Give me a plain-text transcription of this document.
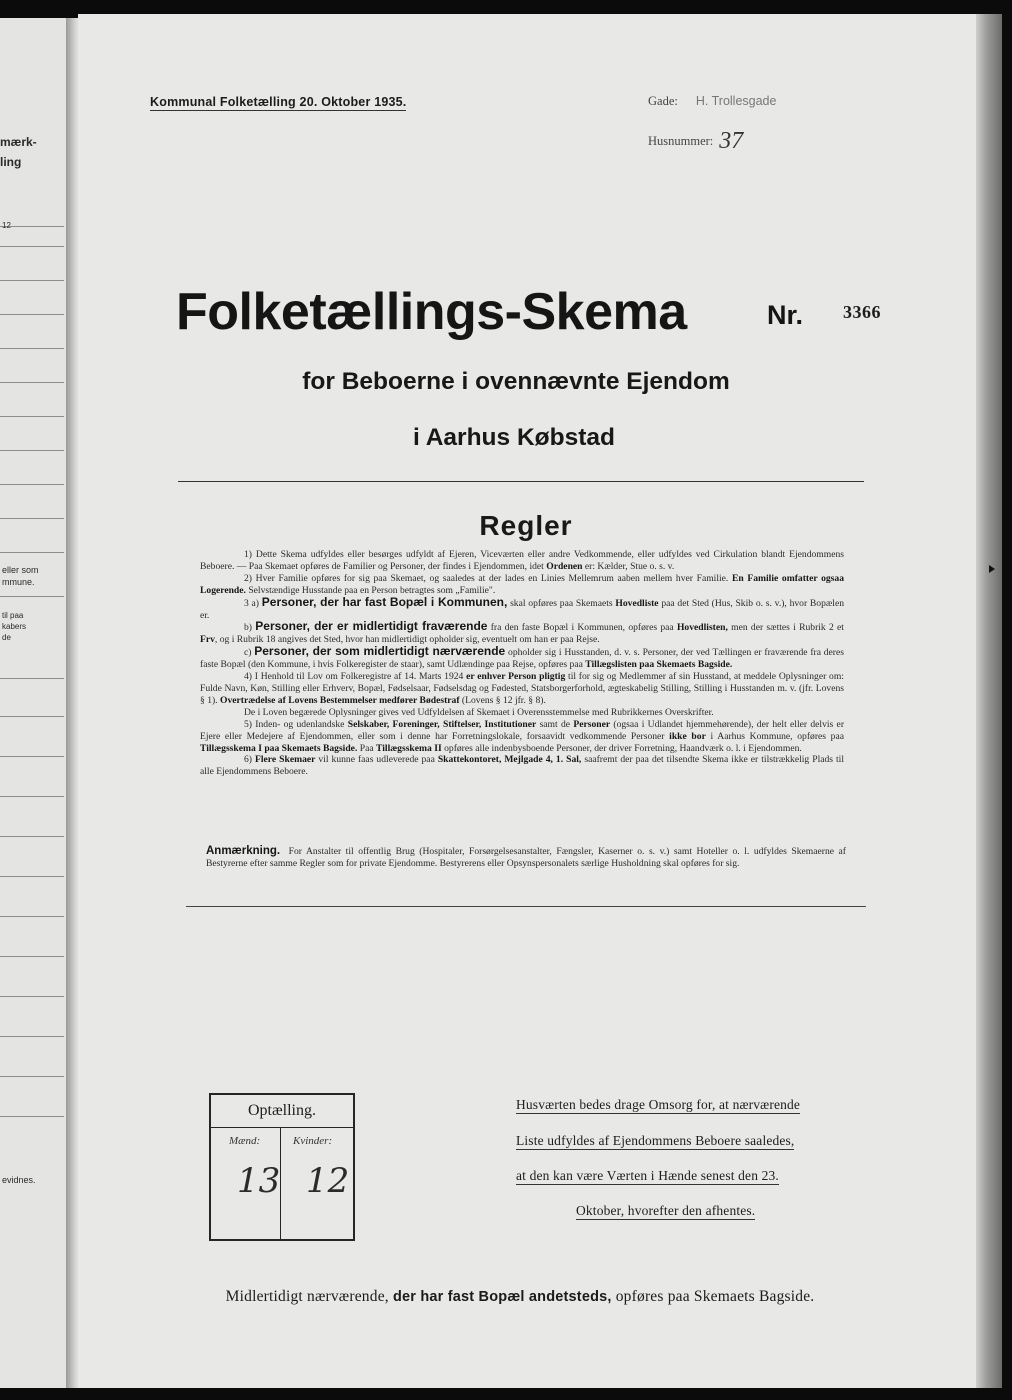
mærk-
ling
12
eller som
mmune.
til paa
kabers
de
evidnes.
Kommunal Folketælling 20. Oktober 1935.	Gade: H. Trollesgade
Husnummer: 37
Folketællings-Skema	Nr. 3366
for Beboerne i ovennævnte Ejendom
i Aarhus Købstad
Regler

1) Dette Skema udfyldes eller besørges udfyldt af Ejeren, Viceværten eller andre Vedkommende, eller udfyldes ved Cirkulation blandt Ejendommens Beboere. — Paa Skemaet opføres de Familier og Personer, der findes i Ejendommen, idet Ordenen er: Kælder, Stue o. s. v.

2) Hver Familie opføres for sig paa Skemaet, og saaledes at der lades en Linies Mellemrum aaben mellem hver Familie. En Familie omfatter ogsaa Logerende. Selvstændige Husstande paa en Person betragtes som „Familie".

3 a) Personer, der har fast Bopæl i Kommunen, skal opføres paa Skemaets Hovedliste paa det Sted (Hus, Skib o. s. v.), hvor Bopælen er.

b) Personer, der er midlertidigt fraværende fra den faste Bopæl i Kommunen, opføres paa Hovedlisten, men der sættes i Rubrik 2 et Frv, og i Rubrik 18 angives det Sted, hvor han midlertidigt opholder sig, eventuelt om han er paa Rejse.

c) Personer, der som midlertidigt nærværende opholder sig i Husstanden, d. v. s. Personer, der ved Tællingen er fraværende fra deres faste Bopæl (den Kommune, i hvis Folkeregister de staar), samt Udlændinge paa Rejse, opføres paa Tillægslisten paa Skemaets Bagside.

4) I Henhold til Lov om Folkeregistre af 14. Marts 1924 er enhver Person pligtig til for sig og Medlemmer af sin Husstand, at meddele Oplysninger om: Fulde Navn, Køn, Stilling eller Erhverv, Bopæl, Fødselsaar, Fødselsdag og Fødested, Statsborgerforhold, ægteskabelig Stilling, Stilling i Husstanden m. v. (jfr. Lovens § 1). Overtrædelse af Lovens Bestemmelser medfører Bødestraf (Lovens § 12 jfr. § 8).

De i Loven begærede Oplysninger gives ved Udfyldelsen af Skemaet i Overensstemmelse med Rubrikkernes Overskrifter.

5) Inden- og udenlandske Selskaber, Foreninger, Stiftelser, Institutioner samt de Personer (ogsaa i Udlandet hjemmehørende), der helt eller delvis er Ejere eller Medejere af Ejendommen, eller som i denne har Forretningslokale, forsaavidt vedkommende Personer ikke bor i Aarhus Kommune, opføres paa Tillægsskema I paa Skemaets Bagside. Paa Tillægsskema II opføres alle indenbysboende Personer, der driver Forretning, Haandværk o. l. i Ejendommen.

6) Flere Skemaer vil kunne faas udleverede paa Skattekontoret, Mejlgade 4, 1. Sal, saafremt der paa det tilsendte Skema ikke er tilstrækkelig Plads til alle Ejendommens Beboere.

Anmærkning. For Anstalter til offentlig Brug (Hospitaler, Forsørgelsesanstalter, Fængsler, Kaserner o. s. v.) samt Hoteller o. l. udfyldes Skemaerne af Bestyrerne efter samme Regler som for private Ejendomme. Bestyrerens eller Opsynspersonalets særlige Husholdning skal opføres for sig.
Optælling.
Mænd:	Kvinder:
13 12
Husværten bedes drage Omsorg for, at nærværende
Liste udfyldes af Ejendommens Beboere saaledes,
at den kan være Værten i Hænde senest den 23.
Oktober, hvorefter den afhentes.
Midlertidigt nærværende, der har fast Bopæl andetsteds, opføres paa Skemaets Bagside.
